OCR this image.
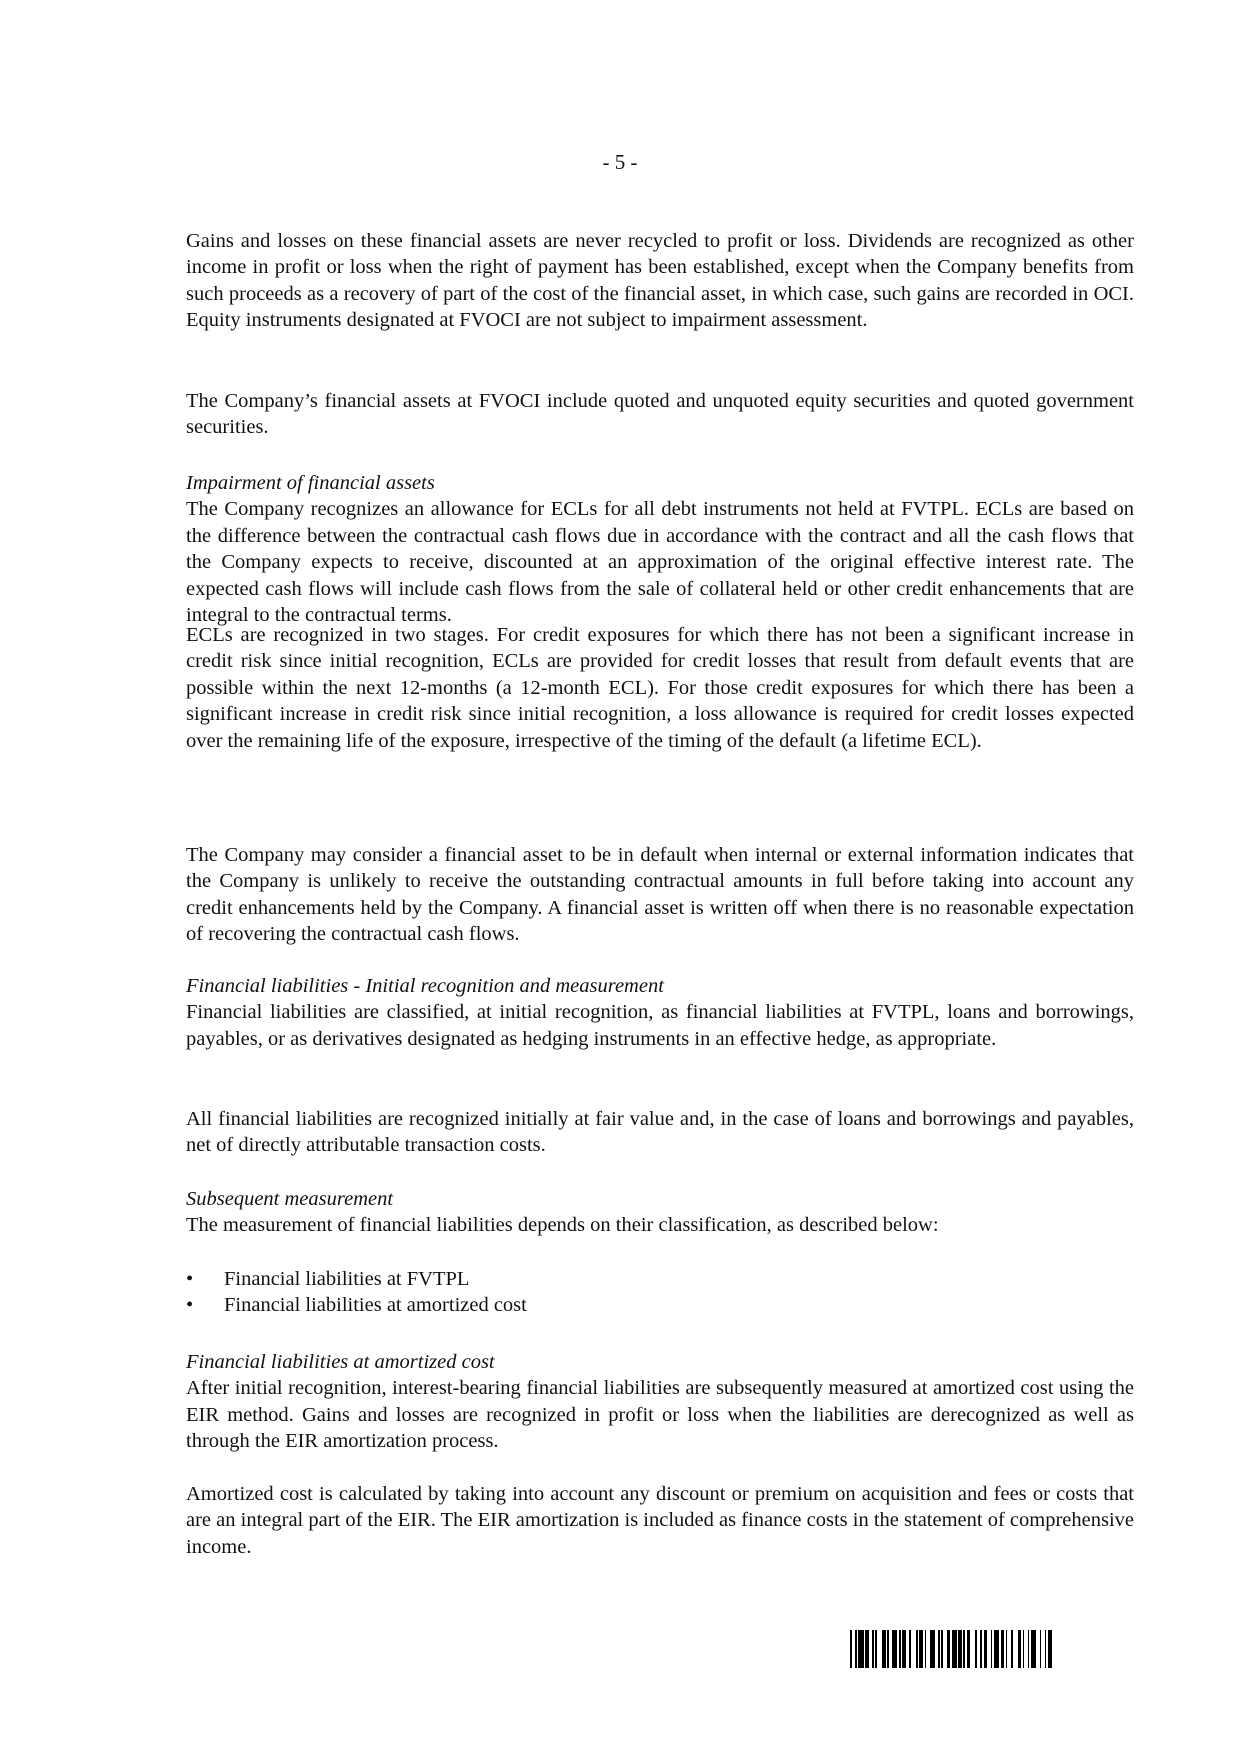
- 5 -

Gains and losses on these financial assets are never recycled to profit or loss. Dividends are recognized as other income in profit or loss when the right of payment has been established, except when the Company benefits from such proceeds as a recovery of part of the cost of the financial asset, in which case, such gains are recorded in OCI. Equity instruments designated at FVOCI are not subject to impairment assessment.

The Company’s financial assets at FVOCI include quoted and unquoted equity securities and quoted government securities.

Impairment of financial assets

The Company recognizes an allowance for ECLs for all debt instruments not held at FVTPL. ECLs are based on the difference between the contractual cash flows due in accordance with the contract and all the cash flows that the Company expects to receive, discounted at an approximation of the original effective interest rate. The expected cash flows will include cash flows from the sale of collateral held or other credit enhancements that are integral to the contractual terms.

ECLs are recognized in two stages. For credit exposures for which there has not been a significant increase in credit risk since initial recognition, ECLs are provided for credit losses that result from default events that are possible within the next 12-months (a 12-month ECL). For those credit exposures for which there has been a significant increase in credit risk since initial recognition, a loss allowance is required for credit losses expected over the remaining life of the exposure, irrespective of the timing of the default (a lifetime ECL).

The Company may consider a financial asset to be in default when internal or external information indicates that the Company is unlikely to receive the outstanding contractual amounts in full before taking into account any credit enhancements held by the Company. A financial asset is written off when there is no reasonable expectation of recovering the contractual cash flows.

Financial liabilities - Initial recognition and measurement

Financial liabilities are classified, at initial recognition, as financial liabilities at FVTPL, loans and borrowings, payables, or as derivatives designated as hedging instruments in an effective hedge, as appropriate.

All financial liabilities are recognized initially at fair value and, in the case of loans and borrowings and payables, net of directly attributable transaction costs.

Subsequent measurement

The measurement of financial liabilities depends on their classification, as described below:

• Financial liabilities at FVTPL
• Financial liabilities at amortized cost

Financial liabilities at amortized cost

After initial recognition, interest-bearing financial liabilities are subsequently measured at amortized cost using the EIR method. Gains and losses are recognized in profit or loss when the liabilities are derecognized as well as through the EIR amortization process.

Amortized cost is calculated by taking into account any discount or premium on acquisition and fees or costs that are an integral part of the EIR. The EIR amortization is included as finance costs in the statement of comprehensive income.
